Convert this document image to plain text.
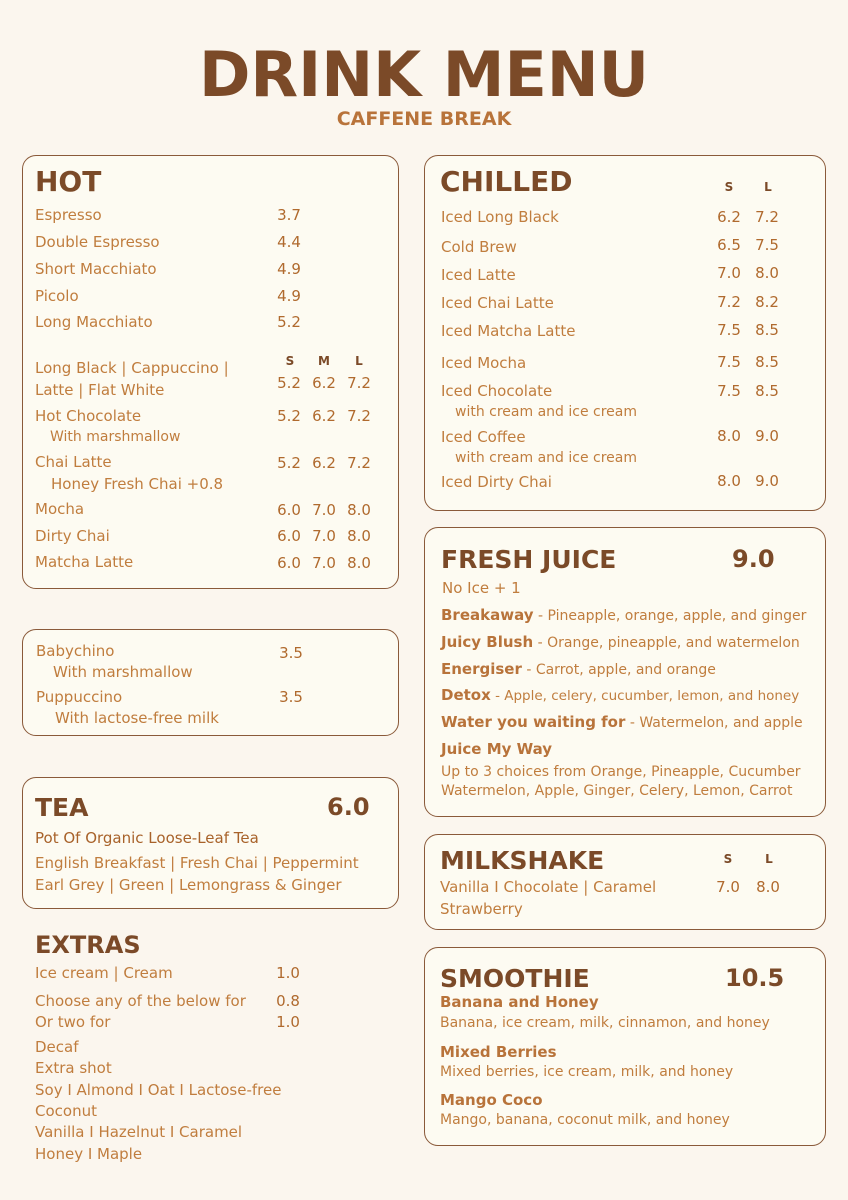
DRINK MENU
CAFFENE BREAK
HOT
Espresso	3.7
Double Espresso	4.4
Short Macchiato	4.9
Picolo	4.9
Long Macchiato	5.2
S	M	L
Long Black | Cappuccino |
Latte | Flat White	5.2 6.2 7.2
Hot Chocolate
With marshmallow
5.2 6.2 7.2
Chai Latte
Honey Fresh Chai +0.8
5.2 6.2 7.2
Mocha	6.0 7.0 8.0
Dirty Chai	6.0 7.0 8.0
Matcha Latte	6.0 7.0 8.0
Babychino
With marshmallow
3.5
Puppuccino
With lactose-free milk
3.5
TEA	6.0
Pot Of Organic Loose-Leaf Tea
English Breakfast | Fresh Chai | Peppermint
Earl Grey | Green | Lemongrass & Ginger
EXTRAS
Ice cream | Cream	1.0
Choose any of the below for 0.8
Or two for	1.0
Decaf
Extra shot
Soy I Almond I Oat I Lactose-free
Coconut
Vanilla I Hazelnut I Caramel
Honey I Maple
CHILLED	S	L
Iced Long Black	6.2 7.2
Cold Brew	6.5 7.5
Iced Latte	7.0 8.0
Iced Chai Latte	7.2 8.2
Iced Matcha Latte	7.5 8.5
Iced Mocha	7.5 8.5
Iced Chocolate
with cream and ice cream
7.5 8.5
Iced Coffee
with cream and ice cream
8.0 9.0
Iced Dirty Chai	8.0 9.0
FRESH JUICE	9.0
No Ice + 1
Breakaway - Pineapple, orange, apple, and ginger
Juicy Blush - Orange, pineapple, and watermelon
Energiser - Carrot, apple, and orange
Detox - Apple, celery, cucumber, lemon, and honey
Water you waiting for - Watermelon, and apple
Juice My Way
Up to 3 choices from Orange, Pineapple, Cucumber
Watermelon, Apple, Ginger, Celery, Lemon, Carrot
MILKSHAKE	S	L
Vanilla I Chocolate | Caramel
Strawberry
7.0 8.0
SMOOTHIE	10.5
Banana and Honey
Banana, ice cream, milk, cinnamon, and honey
Mixed Berries
Mixed berries, ice cream, milk, and honey
Mango Coco
Mango, banana, coconut milk, and honey
